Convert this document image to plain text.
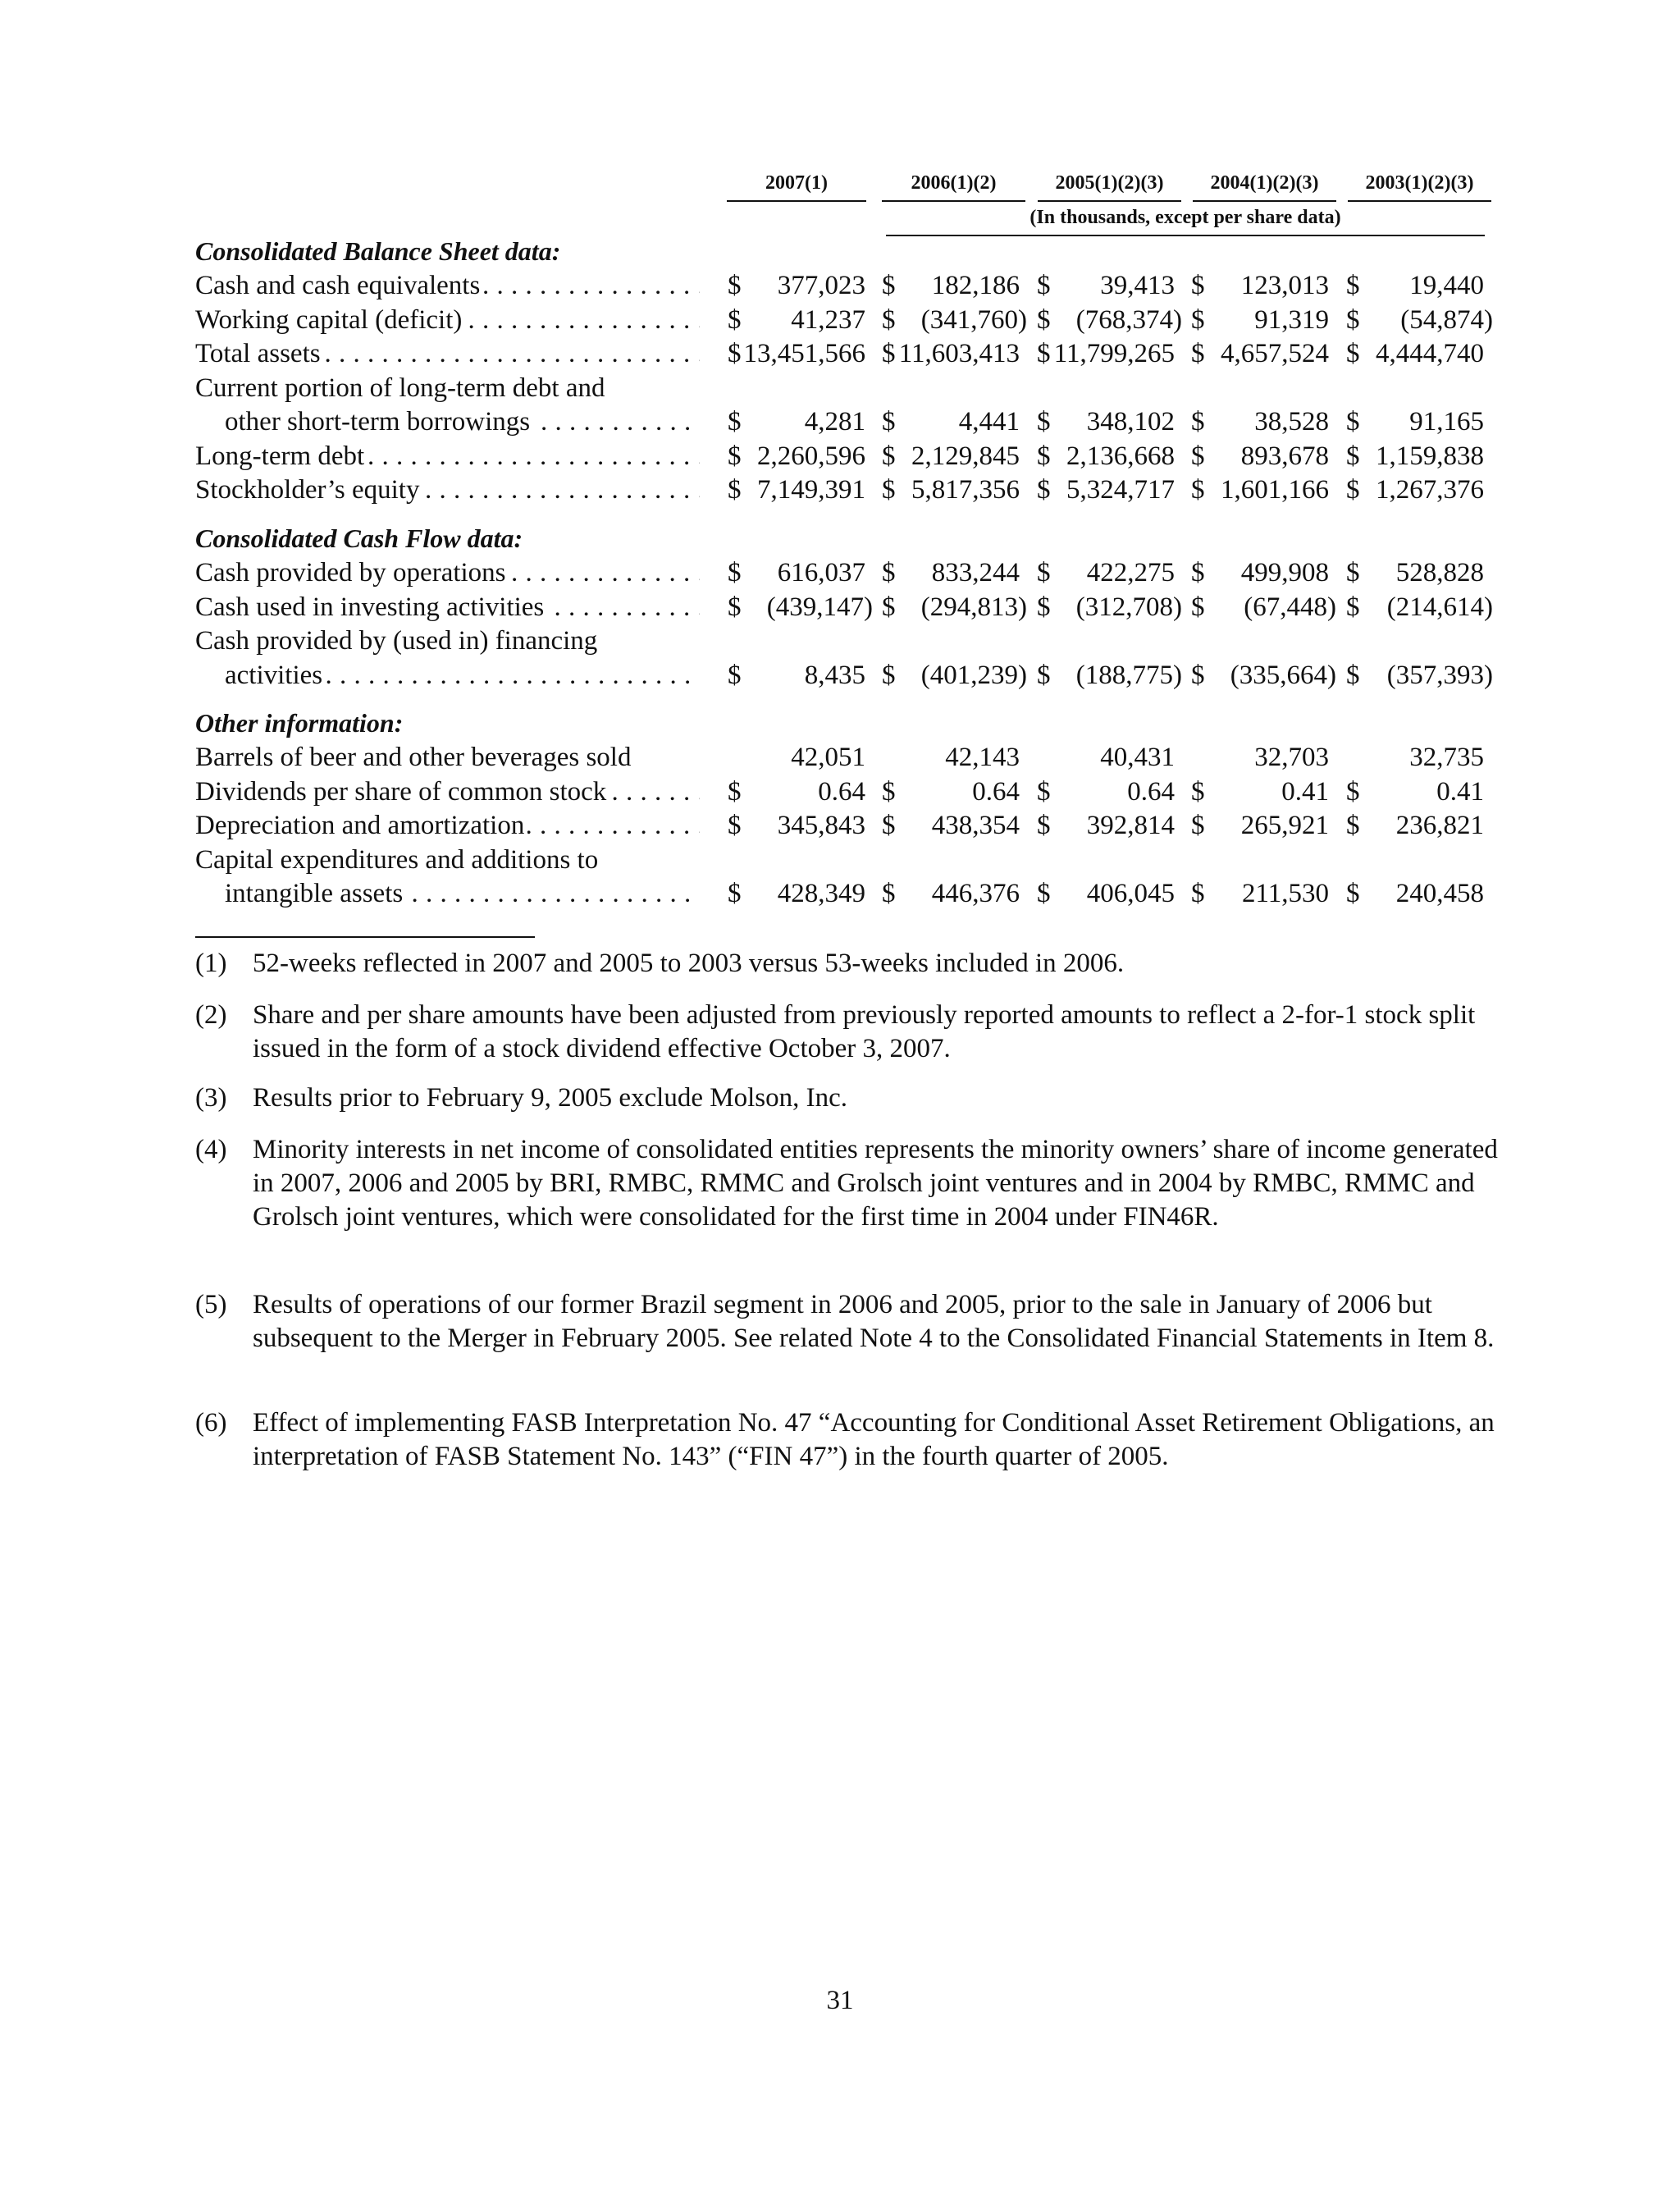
2007(1)	2006(1)(2)	2005(1)(2)(3)	2004(1)(2)(3)	2003(1)(2)(3)
(In thousands, except per share data)
Consolidated Balance Sheet data:
Cash and cash equivalents . . .	$	377,023 $	182,186 $	39,413 $	123,013 $	19,440
Working capital (deficit) . . .	$	41,237 $ (341,760) $ (768,374) $	91,319 $	(54,874)
Total assets . . .	$ 13,451,566 $ 11,603,413 $ 11,799,265 $ 4,657,524 $ 4,444,740
Current portion of long-term debt and
other short-term borrowings . . .	$	4,281 $	4,441 $	348,102 $	38,528 $	91,165
Long-term debt . . .	$ 2,260,596 $ 2,129,845 $ 2,136,668 $	893,678 $ 1,159,838
Stockholder’s equity . . .	$ 7,149,391 $ 5,817,356 $ 5,324,717 $ 1,601,166 $ 1,267,376
Consolidated Cash Flow data:
Cash provided by operations . . .	$	616,037 $	833,244 $	422,275 $	499,908 $	528,828
Cash used in investing activities . . .	$ (439,147) $ (294,813) $ (312,708) $	(67,448) $	(214,614)
Cash provided by (used in) financing
activities . . .	$	8,435 $ (401,239) $ (188,775) $ (335,664) $	(357,393)
Other information:
Barrels of beer and other beverages sold	42,051	42,143	40,431	32,703	32,735
Dividends per share of common stock . . .	$	0.64 $	0.64 $	0.64 $	0.41 $	0.41
Depreciation and amortization . . .	$	345,843 $	438,354 $	392,814 $	265,921 $	236,821
Capital expenditures and additions to
intangible assets . . .	$	428,349 $	446,376 $	406,045 $	211,530 $	240,458
(1) 52-weeks reflected in 2007 and 2005 to 2003 versus 53-weeks included in 2006.
(2) Share and per share amounts have been adjusted from previously reported amounts to reflect a 2-for-1 stock split issued in the form of a stock dividend effective October 3, 2007.
(3) Results prior to February 9, 2005 exclude Molson, Inc.
(4) Minority interests in net income of consolidated entities represents the minority owners’ share of income generated in 2007, 2006 and 2005 by BRI, RMBC, RMMC and Grolsch joint ventures and in 2004 by RMBC, RMMC and Grolsch joint ventures, which were consolidated for the first time in 2004 under FIN46R.
(5) Results of operations of our former Brazil segment in 2006 and 2005, prior to the sale in January of 2006 but subsequent to the Merger in February 2005. See related Note 4 to the Consolidated Financial Statements in Item 8.
(6) Effect of implementing FASB Interpretation No. 47 “Accounting for Conditional Asset Retirement Obligations, an interpretation of FASB Statement No. 143” (“FIN 47”) in the fourth quarter of 2005.
31
